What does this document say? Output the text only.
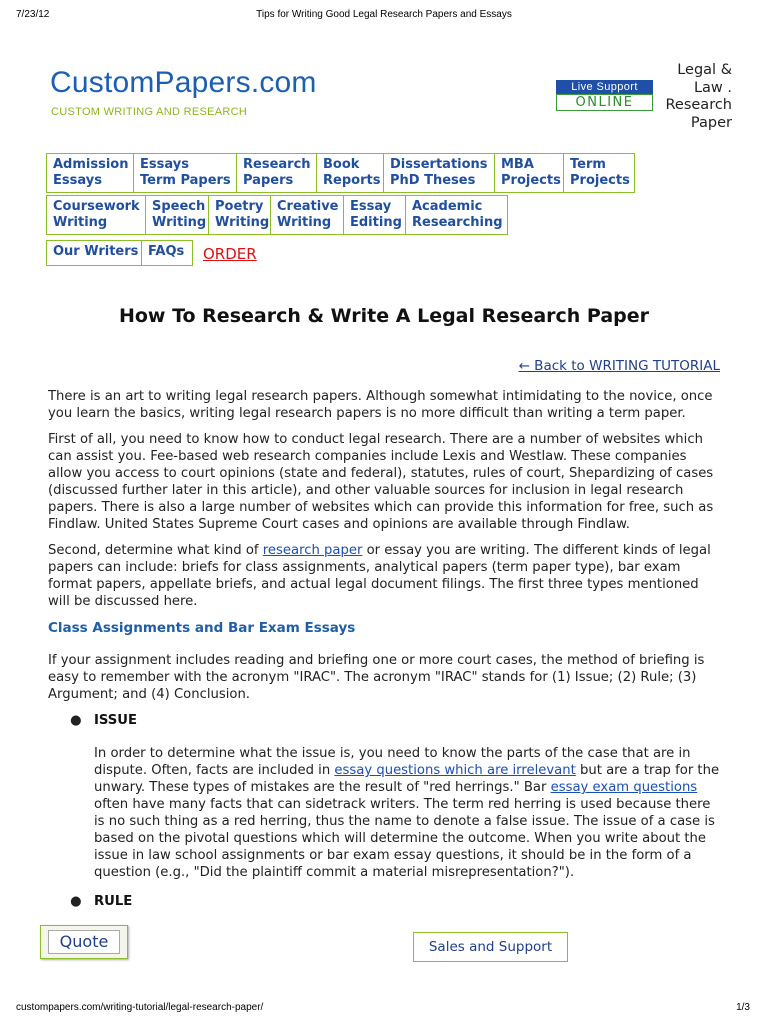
7/23/12	Tips for Writing Good Legal Research Papers and Essays
CustomPapers.com
CUSTOM WRITING AND RESEARCH
Live Support
ONLINE
Legal &
Law .
Research
Paper
Admission
Essays
Essays
Term Papers
Research
Papers
Book
Reports
Dissertations
PhD Theses
MBA
Projects
Term
Projects
Coursework
Writing
Speech
Writing
Poetry
Writing
Creative
Writing
Essay
Editing
Academic
Researching
Our Writers FAQs	ORDER
How To Research & Write A Legal Research Paper
← Back to WRITING TUTORIAL

There is an art to writing legal research papers. Although somewhat intimidating to the novice, once you learn the basics, writing legal research papers is no more difficult than writing a term paper.

First of all, you need to know how to conduct legal research. There are a number of websites which can assist you. Fee-based web research companies include Lexis and Westlaw. These companies allow you access to court opinions (state and federal), statutes, rules of court, Shepardizing of cases (discussed further later in this article), and other valuable sources for inclusion in legal research papers. There is also a large number of websites which can provide this information for free, such as Findlaw. United States Supreme Court cases and opinions are available through Findlaw.

Second, determine what kind of research paper or essay you are writing. The different kinds of legal papers can include: briefs for class assignments, analytical papers (term paper type), bar exam format papers, appellate briefs, and actual legal document filings. The first three types mentioned will be discussed here.

Class Assignments and Bar Exam Essays

If your assignment includes reading and briefing one or more court cases, the method of briefing is easy to remember with the acronym "IRAC". The acronym "IRAC" stands for (1) Issue; (2) Rule; (3) Argument; and (4) Conclusion.

● ISSUE

In order to determine what the issue is, you need to know the parts of the case that are in dispute. Often, facts are included in essay questions which are irrelevant but are a trap for the unwary. These types of mistakes are the result of "red herrings." Bar essay exam questions often have many facts that can sidetrack writers. The term red herring is used because there is no such thing as a red herring, thus the name to denote a false issue. The issue of a case is based on the pivotal questions which will determine the outcome. When you write about the issue in law school assignments or bar exam essay questions, it should be in the form of a question (e.g., "Did the plaintiff commit a material misrepresentation?").

● RULE
Quote	Sales and Support
custompapers.com/writing-tutorial/legal-research-paper/	1/3
